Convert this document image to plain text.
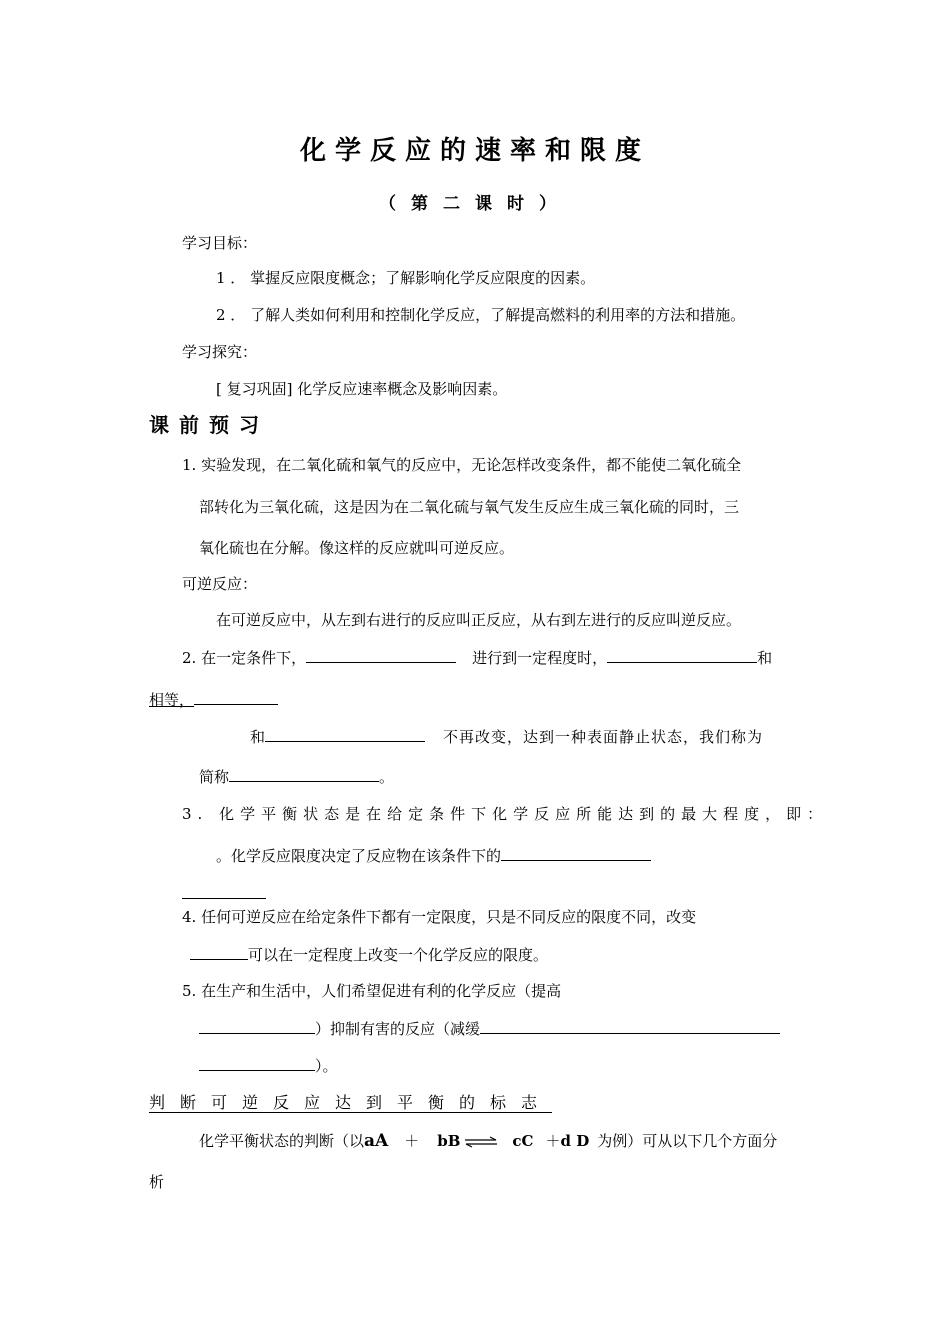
化学反应的速率和限度
（第二课时）
学习目标：
1 ． 掌握反应限度概念；了解影响化学反应限度的因素。
2 ． 了解人类如何利用和控制化学反应，了解提高燃料的利用率的方法和措施。
学习探究：
[ 复习巩固] 化学反应速率概念及影响因素。
课前预习
1. 实验发现，在二氧化硫和氧气的反应中，无论怎样改变条件，都不能使二氧化硫全
部转化为三氧化硫，这是因为在二氧化硫与氧气发生反应生成三氧化硫的同时，三
氧化硫也在分解。像这样的反应就叫可逆反应。
可逆反应：
在可逆反应中，从左到右进行的反应叫正反应，从右到左进行的反应叫逆反应。
2. 在一定条件下，	进行到一定程度时，	和
相等，
和	不再改变，达到一种表面静止状态，我们称为
简称	。
3. 化学平衡状态是在给定条件下化学反应所能达到的最大程度，即：
。化学反应限度决定了反应物在该条件下的
4. 任何可逆反应在给定条件下都有一定限度，只是不同反应的限度不同，改变
可以在一定程度上改变一个化学反应的限度。
5. 在生产和生活中，人们希望促进有利的化学反应（提高
）抑制有害的反应（减缓
）。
判断可逆反应达到平衡的标志
化学平衡状态的判断（以aA ＋ bB ⇌ cC ＋d D 为例）可从以下几个方面分
析
